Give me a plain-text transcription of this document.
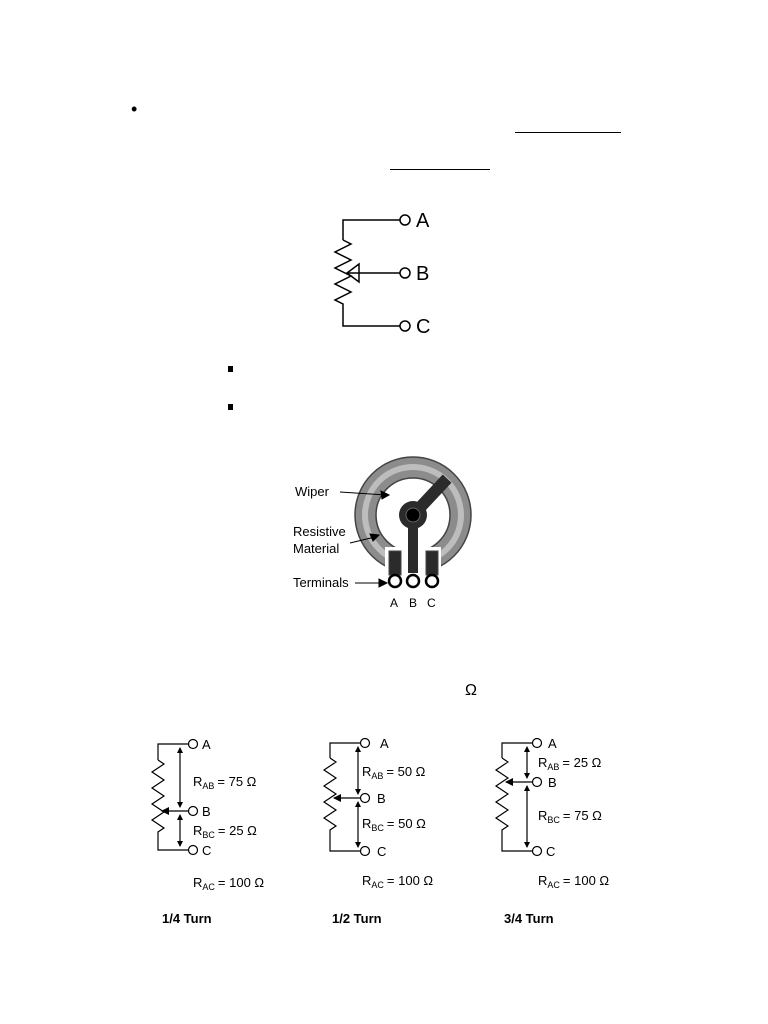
•
A
B
C
Wiper
Resistive
Material
Terminals
A B C
Ω
A
B
C
$R_{AB} = 75$ Ω
$R_{BC} = 25$ Ω
$R_{AC} = 100$ Ω
1/4 Turn
A
B
C
$R_{AB} = 50$ Ω
$R_{BC} = 50$ Ω
$R_{AC} = 100$ Ω
1/2 Turn
A
B
C
$R_{AB} = 25$ Ω
$R_{BC} = 75$ Ω
$R_{AC} = 100$ Ω
3/4 Turn
